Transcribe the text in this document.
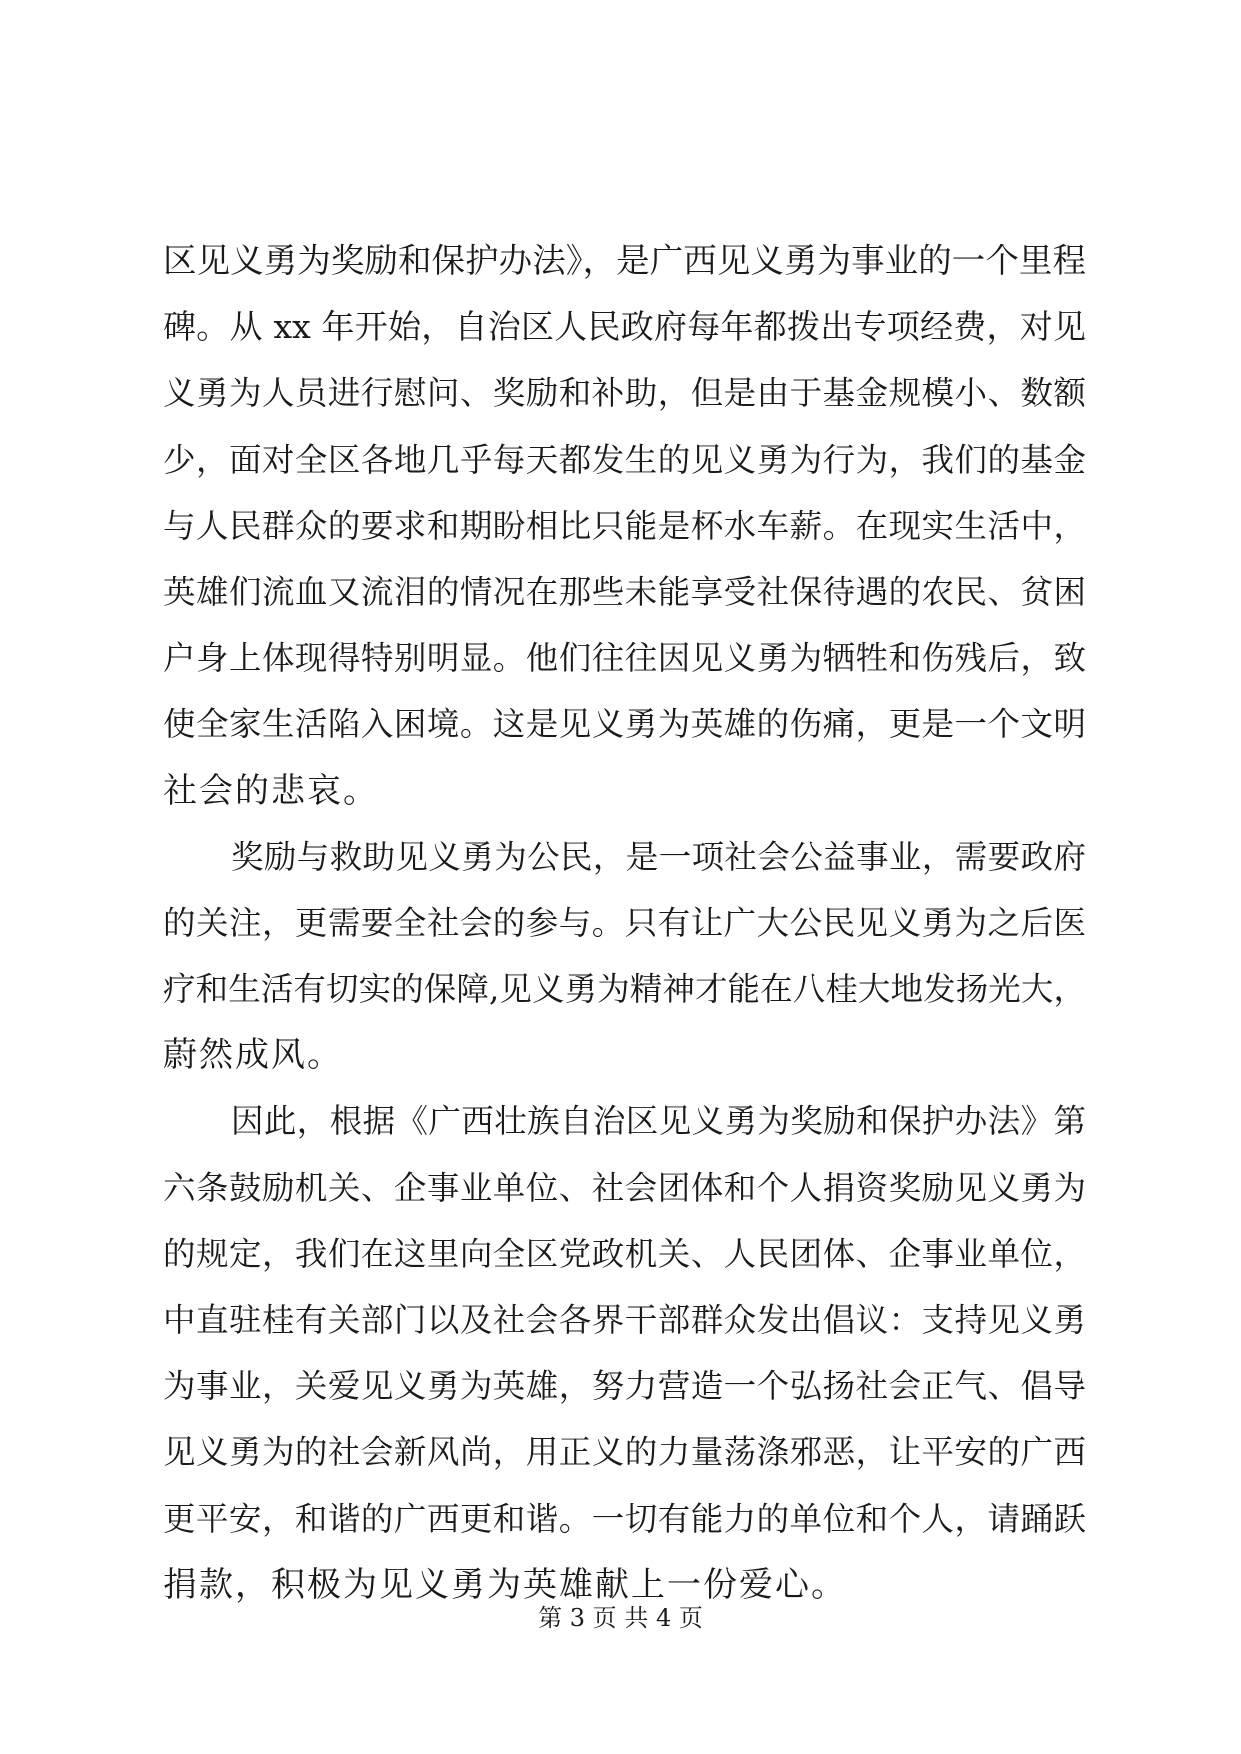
区见义勇为奖励和保护办法》，是广西见义勇为事业的一个里程
碑。从 xx 年开始，自治区人民政府每年都拨出专项经费，对见
义勇为人员进行慰问、奖励和补助，但是由于基金规模小、数额
少，面对全区各地几乎每天都发生的见义勇为行为，我们的基金
与人民群众的要求和期盼相比只能是杯水车薪。在现实生活中，
英雄们流血又流泪的情况在那些未能享受社保待遇的农民、贫困
户身上体现得特别明显。他们往往因见义勇为牺牲和伤残后，致
使全家生活陷入困境。这是见义勇为英雄的伤痛，更是一个文明
社会的悲哀。
奖励与救助见义勇为公民，是一项社会公益事业，需要政府
的关注，更需要全社会的参与。只有让广大公民见义勇为之后医
疗和生活有切实的保障,见义勇为精神才能在八桂大地发扬光大，
蔚然成风。
因此，根据《广西壮族自治区见义勇为奖励和保护办法》第
六条鼓励机关、企事业单位、社会团体和个人捐资奖励见义勇为
的规定，我们在这里向全区党政机关、人民团体、企事业单位，
中直驻桂有关部门以及社会各界干部群众发出倡议：支持见义勇
为事业，关爱见义勇为英雄，努力营造一个弘扬社会正气、倡导
见义勇为的社会新风尚，用正义的力量荡涤邪恶，让平安的广西
更平安，和谐的广西更和谐。一切有能力的单位和个人，请踊跃
捐款，积极为见义勇为英雄献上一份爱心。
第 3 页 共 4 页
